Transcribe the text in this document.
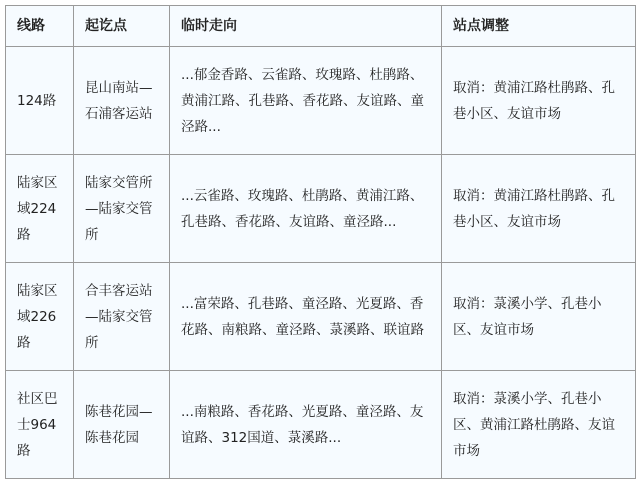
线路	起讫点	临时走向	站点调整
124路	昆山南站—石浦客运站	...郁金香路、云雀路、玫瑰路、杜鹃路、黄浦江路、孔巷路、香花路、友谊路、童泾路...	取消：黄浦江路杜鹃路、孔巷小区、友谊市场
陆家区域224路	陆家交管所—陆家交管所	...云雀路、玫瑰路、杜鹃路、黄浦江路、孔巷路、香花路、友谊路、童泾路...	取消：黄浦江路杜鹃路、孔巷小区、友谊市场
陆家区域226路	合丰客运站—陆家交管所	...富荣路、孔巷路、童泾路、光夏路、香花路、南粮路、童泾路、菉溪路、联谊路	取消：菉溪小学、孔巷小区、友谊市场
社区巴士964路	陈巷花园—陈巷花园	...南粮路、香花路、光夏路、童泾路、友谊路、312国道、菉溪路...	取消：菉溪小学、孔巷小区、黄浦江路杜鹃路、友谊市场
